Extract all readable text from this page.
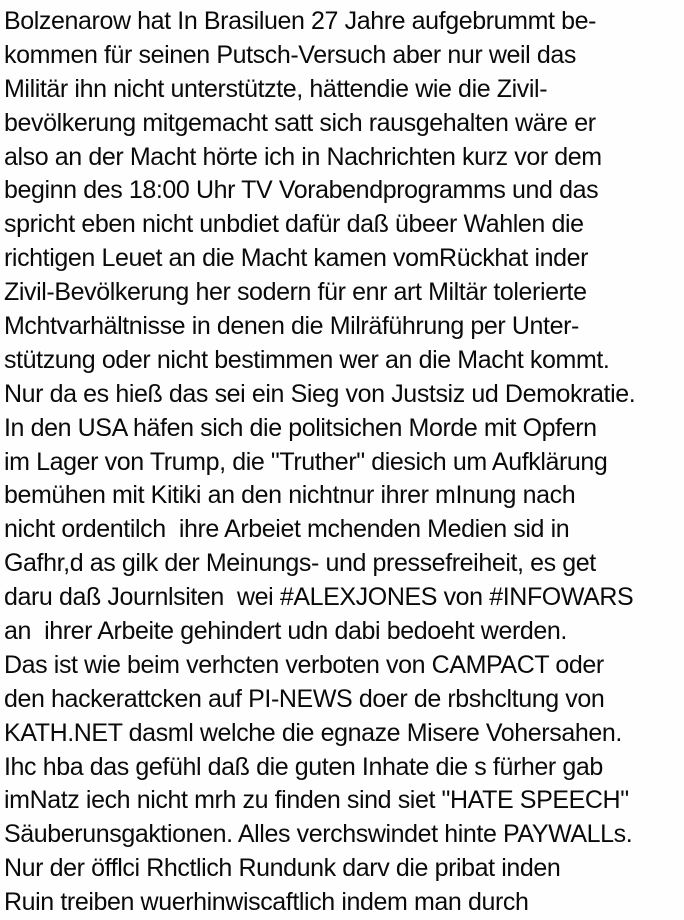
Bolzenarow hat In Brasiluen 27 Jahre aufgebrummt be-
kommen für seinen Putsch-Versuch aber nur weil das
Militär ihn nicht unterstützte, hättendie wie die Zivil-
bevölkerung mitgemacht satt sich rausgehalten wäre er
also an der Macht hörte ich in Nachrichten kurz vor dem
beginn des 18:00 Uhr TV Vorabendprogramms und das
spricht eben nicht unbdiet dafür daß übeer Wahlen die
richtigen Leuet an die Macht kamen vomRückhat inder
Zivil-Bevölkerung her sodern für enr art Miltär tolerierte
Mchtvarhältnisse in denen die Milräführung per Unter-
stützung oder nicht bestimmen wer an die Macht kommt.
Nur da es hieß das sei ein Sieg von Justsiz ud Demokratie.
In den USA häfen sich die politsichen Morde mit Opfern
im Lager von Trump, die "Truther" diesich um Aufklärung
bemühen mit Kitiki an den nichtnur ihrer mInung nach
nicht ordentilch  ihre Arbeiet mchenden Medien sid in
Gafhr,d as gilk der Meinungs- und pressefreiheit, es get
daru daß Journlsiten  wei #ALEXJONES von #INFOWARS
an  ihrer Arbeite gehindert udn dabi bedoeht werden.
Das ist wie beim verhcten verboten von CAMPACT oder
den hackerattcken auf PI-NEWS doer de rbshcltung von
KATH.NET dasml welche die egnaze Misere Vohersahen.
Ihc hba das gefühl daß die guten Inhate die s fürher gab
imNatz iech nicht mrh zu finden sind siet "HATE SPEECH"
Säuberunsgaktionen. Alles verchswindet hinte PAYWALLs.
Nur der öfflci Rhctlich Rundunk darv die pribat inden
Ruin treiben wuerhinwiscaftlich indem man durch
